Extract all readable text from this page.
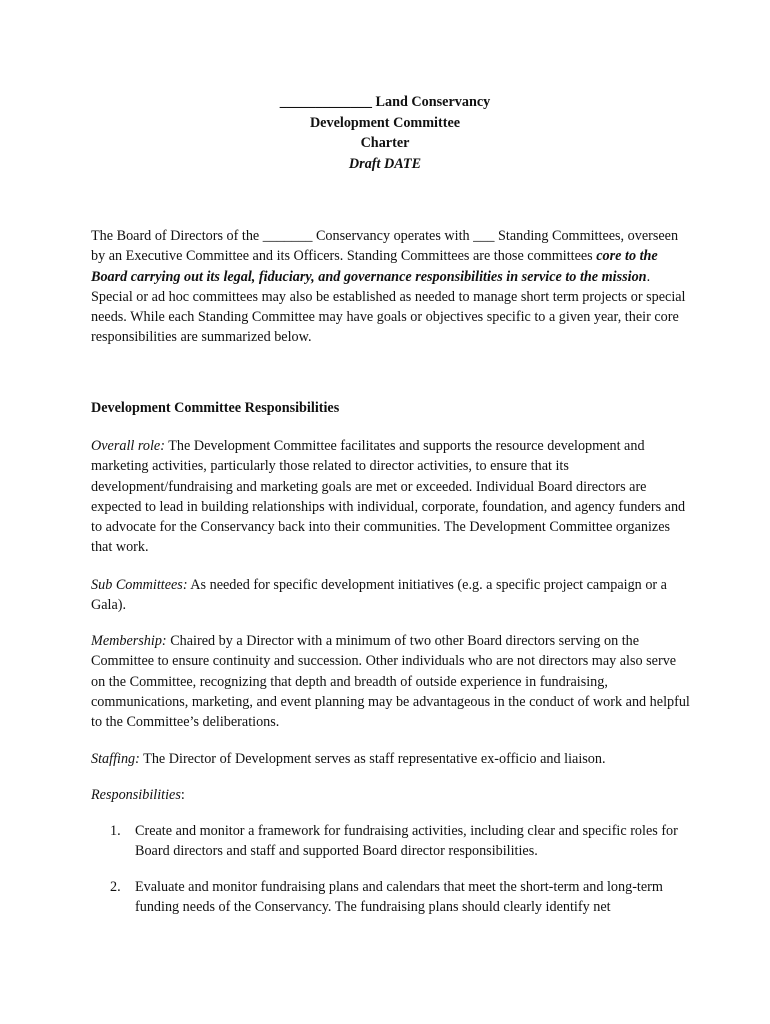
_____________ Land Conservancy
Development Committee
Charter
Draft DATE

The Board of Directors of the _______ Conservancy operates with ___ Standing Committees, overseen by an Executive Committee and its Officers. Standing Committees are those committees core to the Board carrying out its legal, fiduciary, and governance responsibilities in service to the mission. Special or ad hoc committees may also be established as needed to manage short term projects or special needs. While each Standing Committee may have goals or objectives specific to a given year, their core responsibilities are summarized below.

Development Committee Responsibilities

Overall role: The Development Committee facilitates and supports the resource development and marketing activities, particularly those related to director activities, to ensure that its development/fundraising and marketing goals are met or exceeded. Individual Board directors are expected to lead in building relationships with individual, corporate, foundation, and agency funders and to advocate for the Conservancy back into their communities. The Development Committee organizes that work.

Sub Committees: As needed for specific development initiatives (e.g. a specific project campaign or a Gala).

Membership: Chaired by a Director with a minimum of two other Board directors serving on the Committee to ensure continuity and succession. Other individuals who are not directors may also serve on the Committee, recognizing that depth and breadth of outside experience in fundraising, communications, marketing, and event planning may be advantageous in the conduct of work and helpful to the Committee’s deliberations.

Staffing: The Director of Development serves as staff representative ex-officio and liaison.

Responsibilities:

1. Create and monitor a framework for fundraising activities, including clear and specific roles for Board directors and staff and supported Board director responsibilities.
2. Evaluate and monitor fundraising plans and calendars that meet the short-term and long-term funding needs of the Conservancy. The fundraising plans should clearly identify net
